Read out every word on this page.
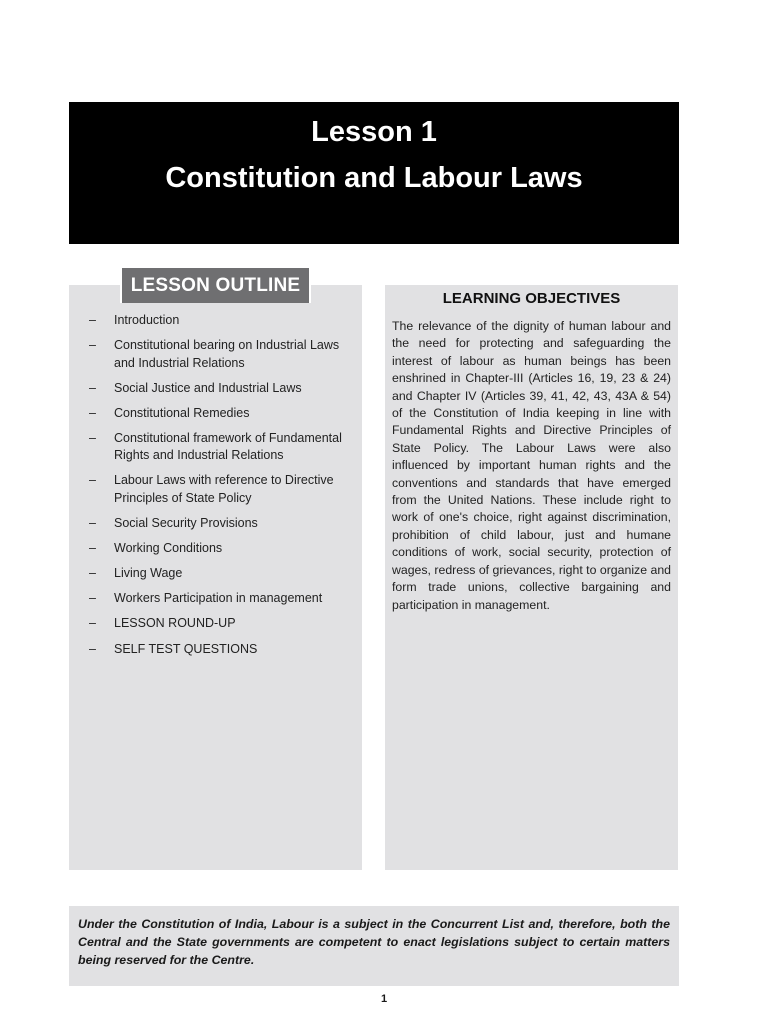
Lesson 1
Constitution and Labour Laws
LESSON OUTLINE
– Introduction
– Constitutional bearing on Industrial Laws and Industrial Relations
– Social Justice and Industrial Laws
– Constitutional Remedies
– Constitutional framework of Fundamental Rights and Industrial Relations
– Labour Laws with reference to Directive Principles of State Policy
– Social Security Provisions
– Working Conditions
– Living Wage
– Workers Participation in management
– LESSON ROUND-UP
– SELF TEST QUESTIONS
LEARNING OBJECTIVES

The relevance of the dignity of human labour and the need for protecting and safeguarding the interest of labour as human beings has been enshrined in Chapter-III (Articles 16, 19, 23 & 24) and Chapter IV (Articles 39, 41, 42, 43, 43A & 54) of the Constitution of India keeping in line with Fundamental Rights and Directive Principles of State Policy. The Labour Laws were also influenced by important human rights and the conventions and standards that have emerged from the United Nations. These include right to work of one's choice, right against discrimination, prohibition of child labour, just and humane conditions of work, social security, protection of wages, redress of grievances, right to organize and form trade unions, collective bargaining and participation in management.

Under the Constitution of India, Labour is a subject in the Concurrent List and, therefore, both the Central and the State governments are competent to enact legislations subject to certain matters being reserved for the Centre.

1
